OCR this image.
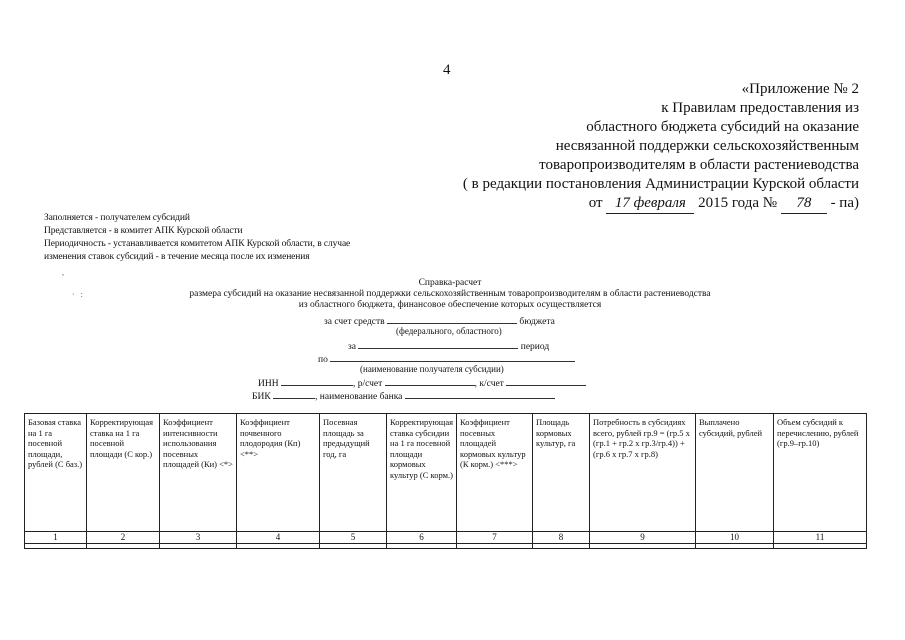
4
«Приложение № 2
к Правилам предоставления из
областного бюджета субсидий на оказание
несвязанной поддержки сельскохозяйственным
товаропроизводителям в области растениеводства
( в редакции постановления Администрации Курской области
от 17 февраля 2015 года № 78 - па)
Заполняется - получателем субсидий
Представляется - в комитет АПК Курской области
Периодичность - устанавливается комитетом АПК Курской области, в случае
изменения ставок субсидий - в течение месяца после их изменения
,
·   :
Справка-расчет
размера субсидий на оказание несвязанной поддержки сельскохозяйственным товаропроизводителям в области растениеводства
из областного бюджета, финансовое обеспечение которых осуществляется
за счет средств	бюджета
(федерального, областного)
за	период
по
(наименование получателя субсидии)
ИНН	, р/счет	, к/счет
БИК	, наименование банка
Базовая ставка на 1 га посевной площади, рублей (С баз.)	Корректирующая ставка на 1 га посевной площади (С кор.)	Коэффициент интенсивности использования посевных площадей (Ки) <*>	Коэффициент почвенного плодородия (Кп) <**>	Посевная площадь за предыдущий год, га	Корректирующая ставка субсидии на 1 га посевной площади кормовых культур (С корм.)	Коэффициент посевных площадей кормовых культур (К корм.) <***>	Площадь кормовых культур, га	Потребность в субсидиях всего, рублей гр.9 = (гр.5 х (гр.1 + гр.2 х гр.3/гр.4)) + (гр.6 х гр.7 х гр.8)	Выплачено субсидий, рублей	Объем субсидий к перечислению, рублей (гр.9–гр.10)
1	2	3	4	5	6	7	8	9	10	11
